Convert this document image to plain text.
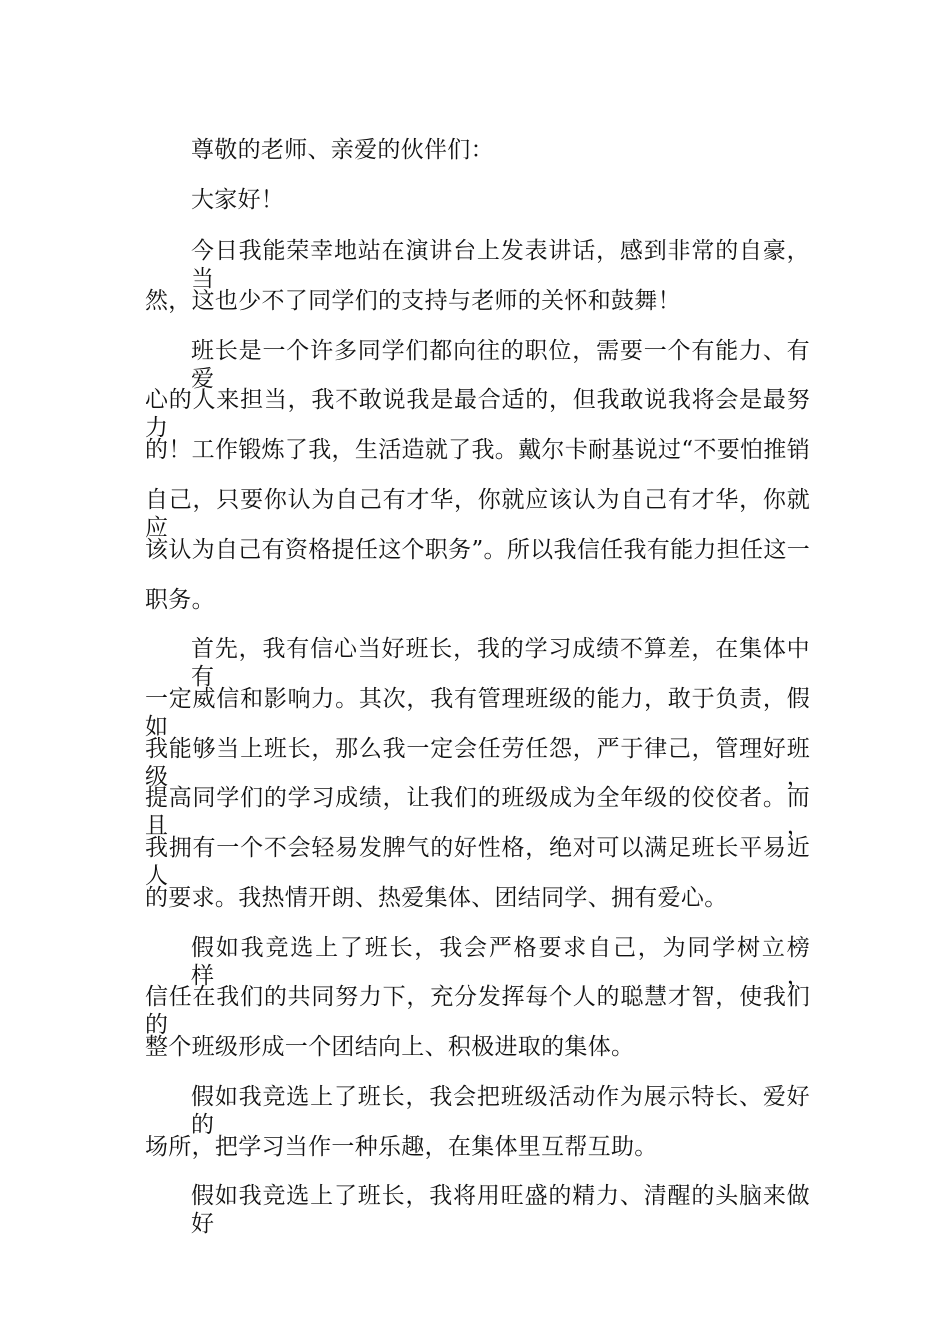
尊敬的老师、亲爱的伙伴们：
大家好！
今日我能荣幸地站在演讲台上发表讲话，感到非常的自豪，当
然，这也少不了同学们的支持与老师的关怀和鼓舞！
班长是一个许多同学们都向往的职位，需要一个有能力、有爱
心的人来担当，我不敢说我是最合适的，但我敢说我将会是最努力
的！工作锻炼了我，生活造就了我。戴尔卡耐基说过“不要怕推销
自己，只要你认为自己有才华，你就应该认为自己有才华，你就应
该认为自己有资格提任这个职务”。所以我信任我有能力担任这一
职务。
首先，我有信心当好班长，我的学习成绩不算差，在集体中有
一定威信和影响力。其次，我有管理班级的能力，敢于负责，假如
我能够当上班长，那么我一定会任劳任怨，严于律己，管理好班级，
提高同学们的学习成绩，让我们的班级成为全年级的佼佼者。而且，
我拥有一个不会轻易发脾气的好性格，绝对可以满足班长平易近人
的要求。我热情开朗、热爱集体、团结同学、拥有爱心。
假如我竞选上了班长，我会严格要求自己，为同学树立榜样，
信任在我们的共同努力下，充分发挥每个人的聪慧才智，使我们的
整个班级形成一个团结向上、积极进取的集体。
假如我竞选上了班长，我会把班级活动作为展示特长、爱好的
场所，把学习当作一种乐趣，在集体里互帮互助。
假如我竞选上了班长，我将用旺盛的精力、清醒的头脑来做好
